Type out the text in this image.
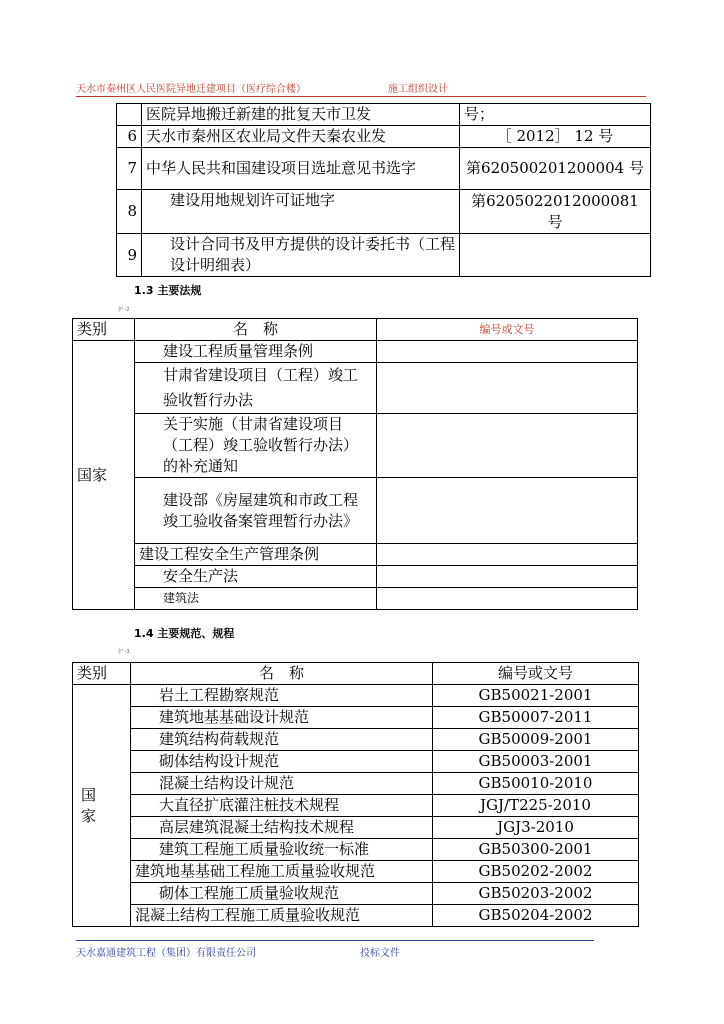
天水市秦州区人民医院异地迁建项目（医疗综合楼）	施工组织设计
	医院异地搬迁新建的批复天市卫发	号；
6	天水市秦州区农业局文件天秦农业发	［ 2012］ 12 号
7	中华人民共和国建设项目选址意见书选字	第620500201200004 号
8	建设用地规划许可证地字	第6205022012000081 号
9	设计合同书及甲方提供的设计委托书（工程设计明细表）	
1.3 主要法规
护 -2
类别	名　称	编号或文号
国家	建设工程质量管理条例	
	甘肃省建设项目（工程）竣工验收暂行办法	
	关于实施（甘肃省建设项目（工程）竣工验收暂行办法）的补充通知	
	建设部《房屋建筑和市政工程竣工验收备案管理暂行办法》	
	建设工程安全生产管理条例	
	安全生产法	
	建筑法	
1.4 主要规范、规程
护 -3
类别	名　称	编号或文号
国
家	岩土工程勘察规范	GB50021-2001
	建筑地基基础设计规范	GB50007-2011
	建筑结构荷载规范	GB50009-2001
	砌体结构设计规范	GB50003-2001
	混凝土结构设计规范	GB50010-2010
	大直径扩底灌注桩技术规程	JGJ/T225-2010
	高层建筑混凝土结构技术规程	JGJ3-2010
	建筑工程施工质量验收统一标准	GB50300-2001
	建筑地基基础工程施工质量验收规范	GB50202-2002
	砌体工程施工质量验收规范	GB50203-2002
	混凝土结构工程施工质量验收规范	GB50204-2002
天水嘉通建筑工程（集团）有限责任公司	投标文件
